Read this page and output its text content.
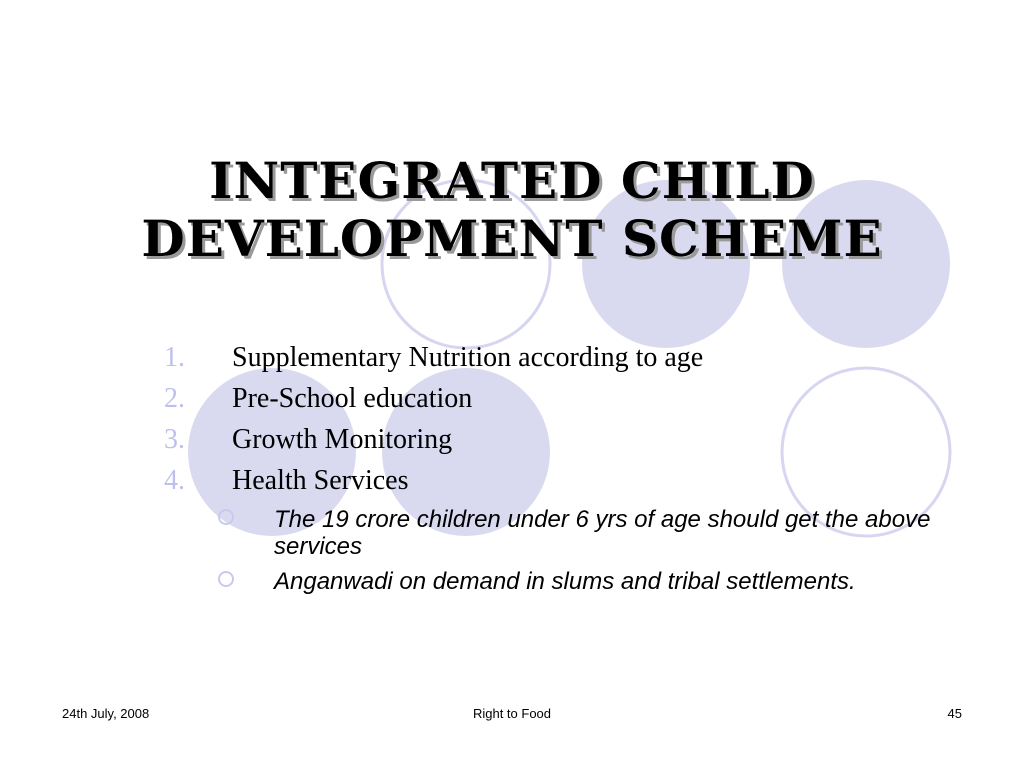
INTEGRATED CHILD
DEVELOPMENT SCHEME
1. Supplementary Nutrition according to age
2. Pre-School education
3. Growth Monitoring
4. Health Services
The 19 crore children under 6 yrs of age should get the above services
Anganwadi on demand in slums and tribal settlements.
24th July, 2008	Right to Food	45
